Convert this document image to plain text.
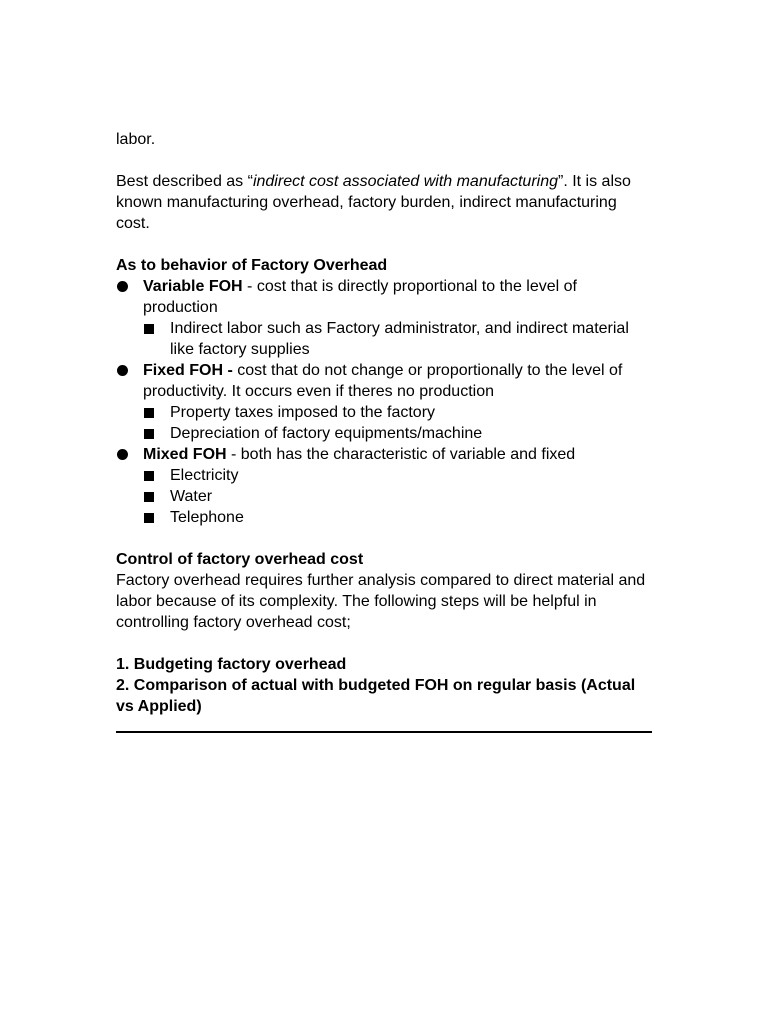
labor.

Best described as “indirect cost associated with manufacturing”. It is also known manufacturing overhead, factory burden, indirect manufacturing cost.

As to behavior of Factory Overhead

Variable FOH - cost that is directly proportional to the level of production
Indirect labor such as Factory administrator, and indirect material like factory supplies
Fixed FOH - cost that do not change or proportionally to the level of productivity. It occurs even if theres no production
Property taxes imposed to the factory
Depreciation of factory equipments/machine
Mixed FOH - both has the characteristic of variable and fixed
Electricity
Water
Telephone

Control of factory overhead cost

Factory overhead requires further analysis compared to direct material and labor because of its complexity. The following steps will be helpful in controlling factory overhead cost;

1. Budgeting factory overhead

2. Comparison of actual with budgeted FOH on regular basis (Actual vs Applied)
